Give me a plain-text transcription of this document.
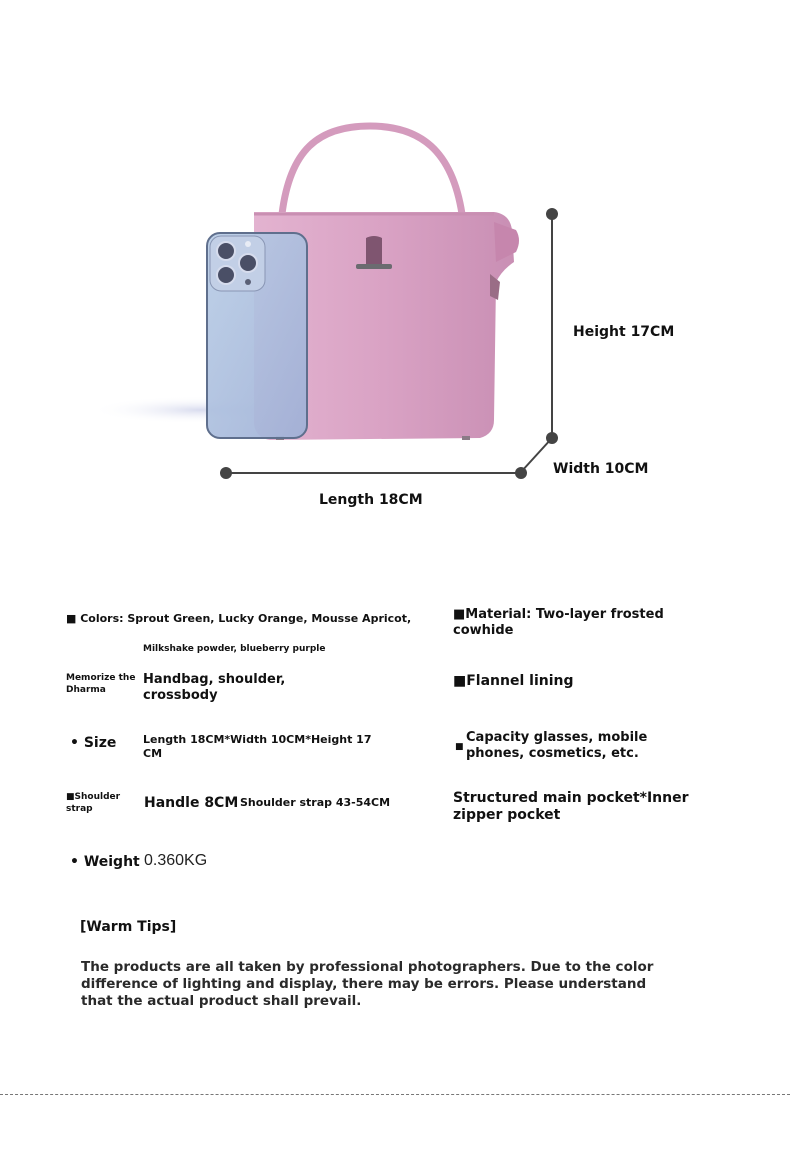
Height 17CM
Width 10CM
Length 18CM
■ Colors: Sprout Green, Lucky Orange, Mousse Apricot,
Milkshake powder, blueberry purple
Memorize the Dharma
Handbag, shoulder, crossbody
• Size Length 18CM*Width 10CM*Height 17 CM
■Shoulder strap	Handle 8CM Shoulder strap 43-54CM
• Weight 0.360KG
■Material: Two-layer frosted cowhide
■Flannel lining
■
Capacity glasses, mobile phones, cosmetics, etc.
Structured main pocket*Inner zipper pocket
[Warm Tips]
The products are all taken by professional photographers. Due to the color difference of lighting and display, there may be errors. Please understand that the actual product shall prevail.
